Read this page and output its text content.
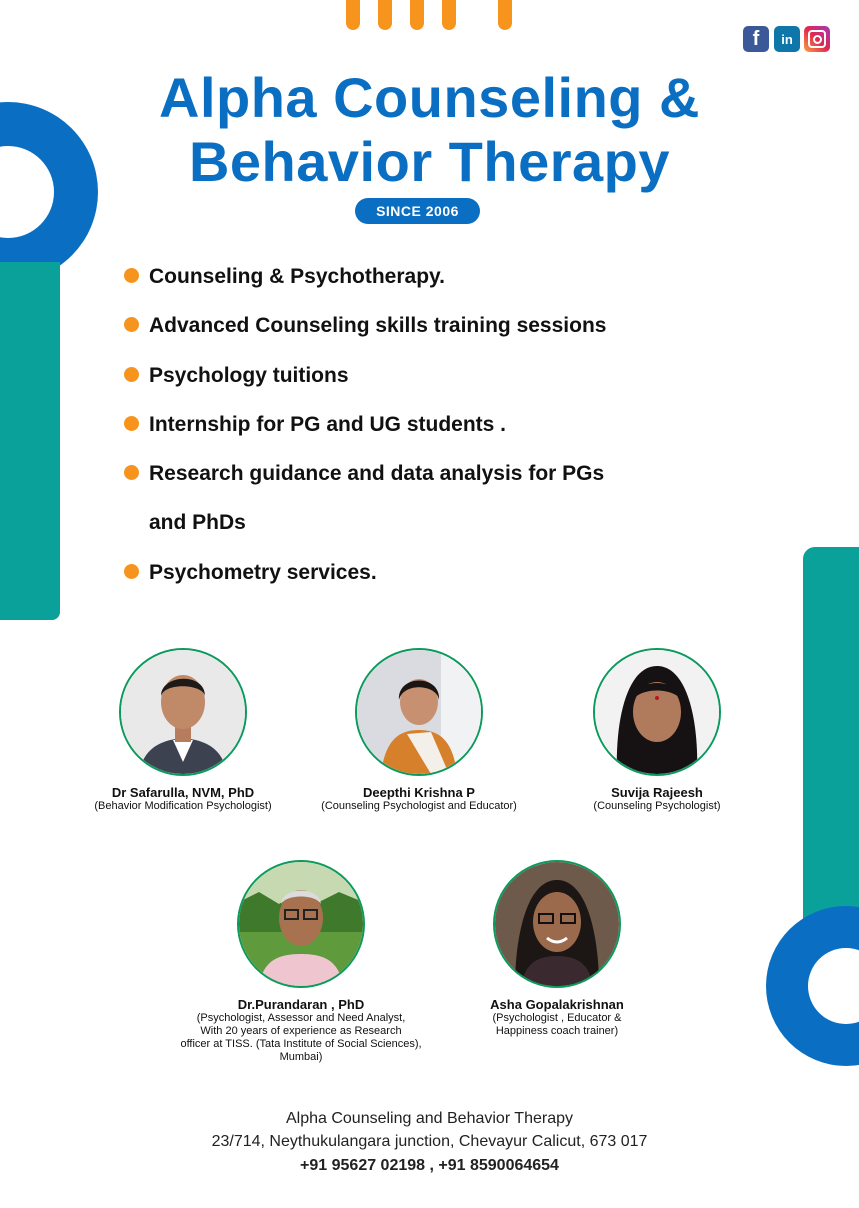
f	in
Alpha Counseling &
Behavior Therapy
SINCE 2006
Counseling & Psychotherapy.
Advanced Counseling skills training sessions
Psychology tuitions
Internship for PG and UG students .
Research guidance and data analysis for PGs
and PhDs
Psychometry services.
Dr Safarulla, NVM, PhD
(Behavior Modification Psychologist)
Deepthi Krishna P
(Counseling Psychologist and Educator)
Suvija Rajeesh
(Counseling Psychologist)
Dr.Purandaran , PhD
(Psychologist, Assessor and Need Analyst,
With 20 years of experience as Research
officer at TISS. (Tata Institute of Social Sciences), Mumbai)
Asha Gopalakrishnan
(Psychologist , Educator &
Happiness coach trainer)
Alpha Counseling and Behavior Therapy
23/714, Neythukulangara junction, Chevayur Calicut, 673 017
+91 95627 02198 , +91 8590064654
